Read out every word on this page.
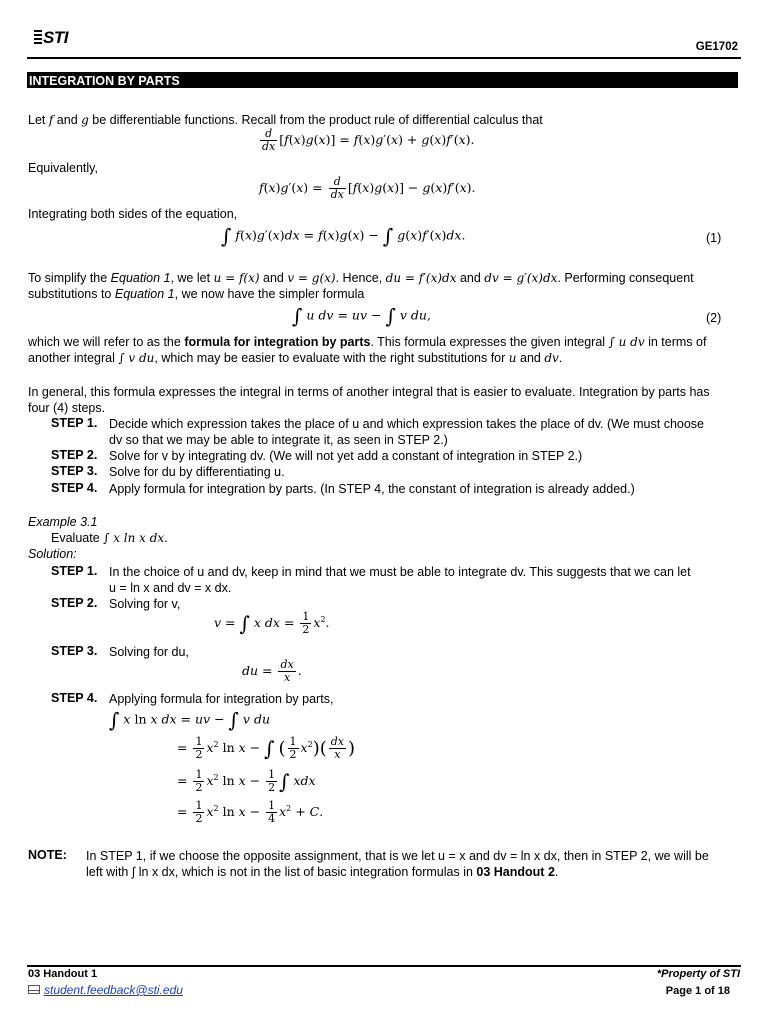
STI	GE1702
INTEGRATION BY PARTS
Let f and g be differentiable functions. Recall from the product rule of differential calculus that
$\frac{d}{dx} [f(x)g(x)] = f(x)g'(x) + g(x)f'(x)$.
Equivalently,
$f(x)g'(x) = \frac{d}{dx} [f(x)g(x)] - g(x)f'(x)$.
Integrating both sides of the equation,
∫ f(x)g′(x)dx = f(x)g(x) − ∫ g(x)f′(x)dx.	(1)
To simplify the Equation 1, we let u = f(x) and v = g(x). Hence, du = f′(x)dx and dv = g′(x)dx. Performing consequent
substitutions to Equation 1, we now have the simpler formula
∫ u dv = uv − ∫ v du,	(2)
which we will refer to as the formula for integration by parts. This formula expresses the given integral ∫ u dv in terms of
another integral ∫ v du, which may be easier to evaluate with the right substitutions for u and dv.
In general, this formula expresses the integral in terms of another integral that is easier to evaluate. Integration by parts has
four (4) steps.
STEP 1. Decide which expression takes the place of u and which expression takes the place of dv. (We must choose
dv so that we may be able to integrate it, as seen in STEP 2.)
STEP 2. Solve for v by integrating dv. (We will not yet add a constant of integration in STEP 2.)
STEP 3. Solve for du by differentiating u.
STEP 4. Apply formula for integration by parts. (In STEP 4, the constant of integration is already added.)
Example 3.1
Evaluate ∫ x ln x dx.
Solution:
STEP 1. In the choice of u and dv, keep in mind that we must be able to integrate dv. This suggests that we can let
u = ln x and dv = x dx.
STEP 2. Solving for v,
v = ∫ x dx = $\frac{1}{2} x^2$.
STEP 3. Solving for du,
du = $\frac{dx}{x}$ .
STEP 4. Applying formula for integration by parts,
∫ x ln x dx = uv − ∫ v du
= $\frac{1}{2} x^2$ ln x − ∫ ( $\frac{1}{2} x^2)( \frac{dx}{x}$ )
= $\frac{1}{2} x^2$ $\ln x - \frac{1}{2}$ ∫ xdx
= $\frac{1}{2} x^2$ $\ln x - \frac{1}{4} x^2 + C$.
NOTE: In STEP 1, if we choose the opposite assignment, that is we let u = x and dv = ln x dx, then in STEP 2, we will be
left with ∫ ln x dx, which is not in the list of basic integration formulas in 03 Handout 2.
03 Handout 1
student.feedback@sti.edu
*Property of STI
Page 1 of 18
